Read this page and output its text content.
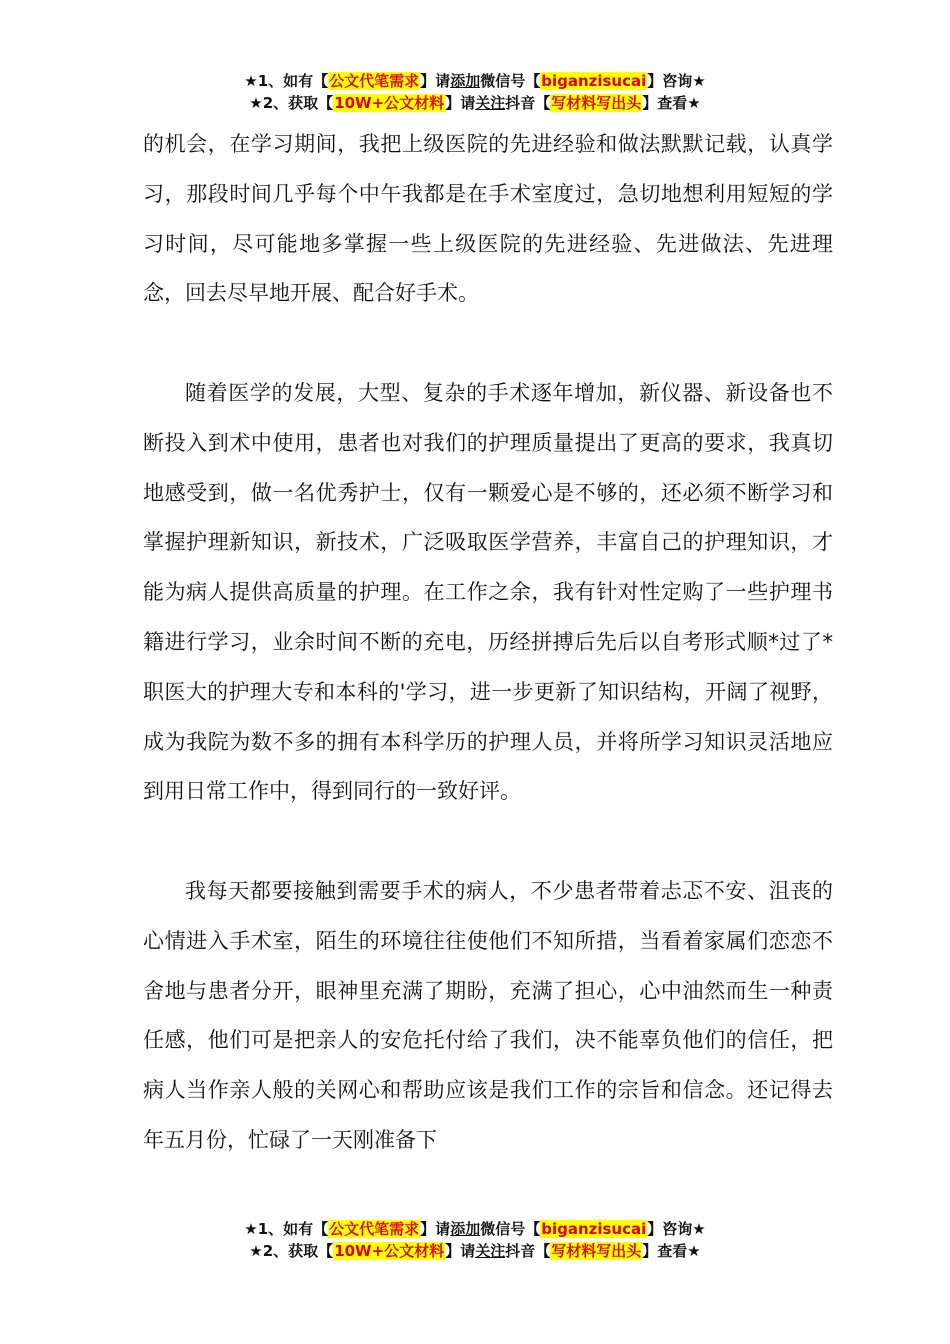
★1、如有【公文代笔需求】请添加微信号【biganzisucai】咨询★
★2、获取【10W+公文材料】请关注抖音【写材料写出头】查看★

的机会，在学习期间，我把上级医院的先进经验和做法默默记载，认真学习，那段时间几乎每个中午我都是在手术室度过，急切地想利用短短的学习时间，尽可能地多掌握一些上级医院的先进经验、先进做法、先进理念，回去尽早地开展、配合好手术。

随着医学的发展，大型、复杂的手术逐年增加，新仪器、新设备也不断投入到术中使用，患者也对我们的护理质量提出了更高的要求，我真切地感受到，做一名优秀护士，仅有一颗爱心是不够的，还必须不断学习和掌握护理新知识，新技术，广泛吸取医学营养，丰富自己的护理知识，才能为病人提供高质量的护理。在工作之余，我有针对性定购了一些护理书籍进行学习，业余时间不断的充电，历经拼搏后先后以自考形式顺*过了*职医大的护理大专和本科的'学习，进一步更新了知识结构，开阔了视野，成为我院为数不多的拥有本科学历的护理人员，并将所学习知识灵活地应到用日常工作中，得到同行的一致好评。

我每天都要接触到需要手术的病人，不少患者带着忐忑不安、沮丧的心情进入手术室，陌生的环境往往使他们不知所措，当看着家属们恋恋不舍地与患者分开，眼神里充满了期盼，充满了担心，心中油然而生一种责任感，他们可是把亲人的安危托付给了我们，决不能辜负他们的信任，把病人当作亲人般的关网心和帮助应该是我们工作的宗旨和信念。还记得去年五月份，忙碌了一天刚准备下

★1、如有【公文代笔需求】请添加微信号【biganzisucai】咨询★
★2、获取【10W+公文材料】请关注抖音【写材料写出头】查看★
